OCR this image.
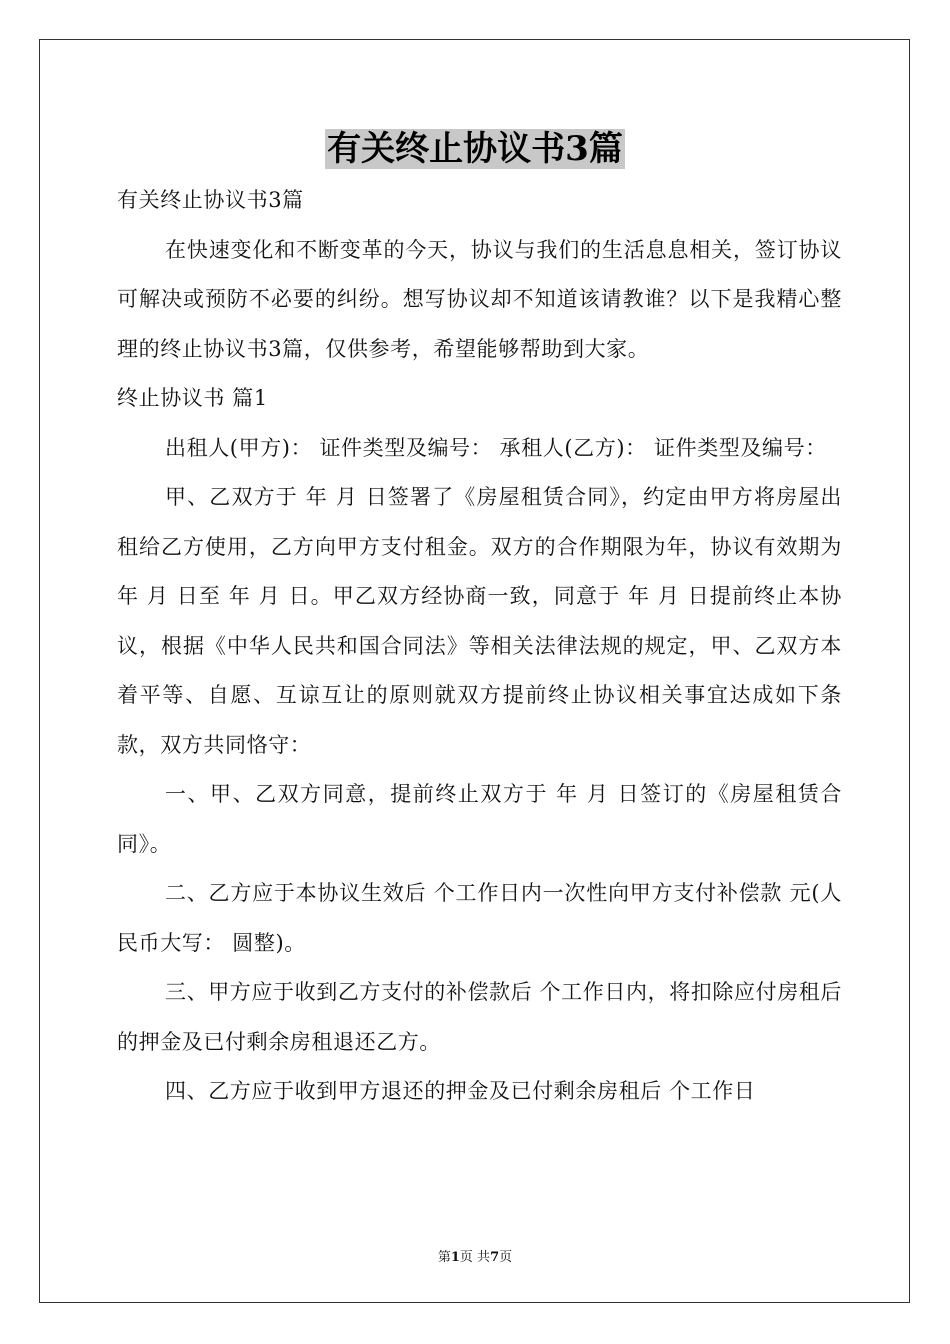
有关终止协议书3篇

有关终止协议书3篇

在快速变化和不断变革的今天，协议与我们的生活息息相关，签订协议可解决或预防不必要的纠纷。想写协议却不知道该请教谁？以下是我精心整理的终止协议书3篇，仅供参考，希望能够帮助到大家。

终止协议书 篇1

出租人(甲方)： 证件类型及编号： 承租人(乙方)： 证件类型及编号：

甲、乙双方于 年 月 日签署了《房屋租赁合同》，约定由甲方将房屋出租给乙方使用，乙方向甲方支付租金。双方的合作期限为年，协议有效期为 年 月 日至 年 月 日。甲乙双方经协商一致，同意于 年 月 日提前终止本协议，根据《中华人民共和国合同法》等相关法律法规的规定，甲、乙双方本着平等、自愿、互谅互让的原则就双方提前终止协议相关事宜达成如下条款，双方共同恪守：

一、甲、乙双方同意，提前终止双方于 年 月 日签订的《房屋租赁合同》。

二、乙方应于本协议生效后 个工作日内一次性向甲方支付补偿款 元(人民币大写： 圆整)。

三、甲方应于收到乙方支付的补偿款后 个工作日内，将扣除应付房租后的押金及已付剩余房租退还乙方。

四、乙方应于收到甲方退还的押金及已付剩余房租后 个工作日

第1页 共7页
